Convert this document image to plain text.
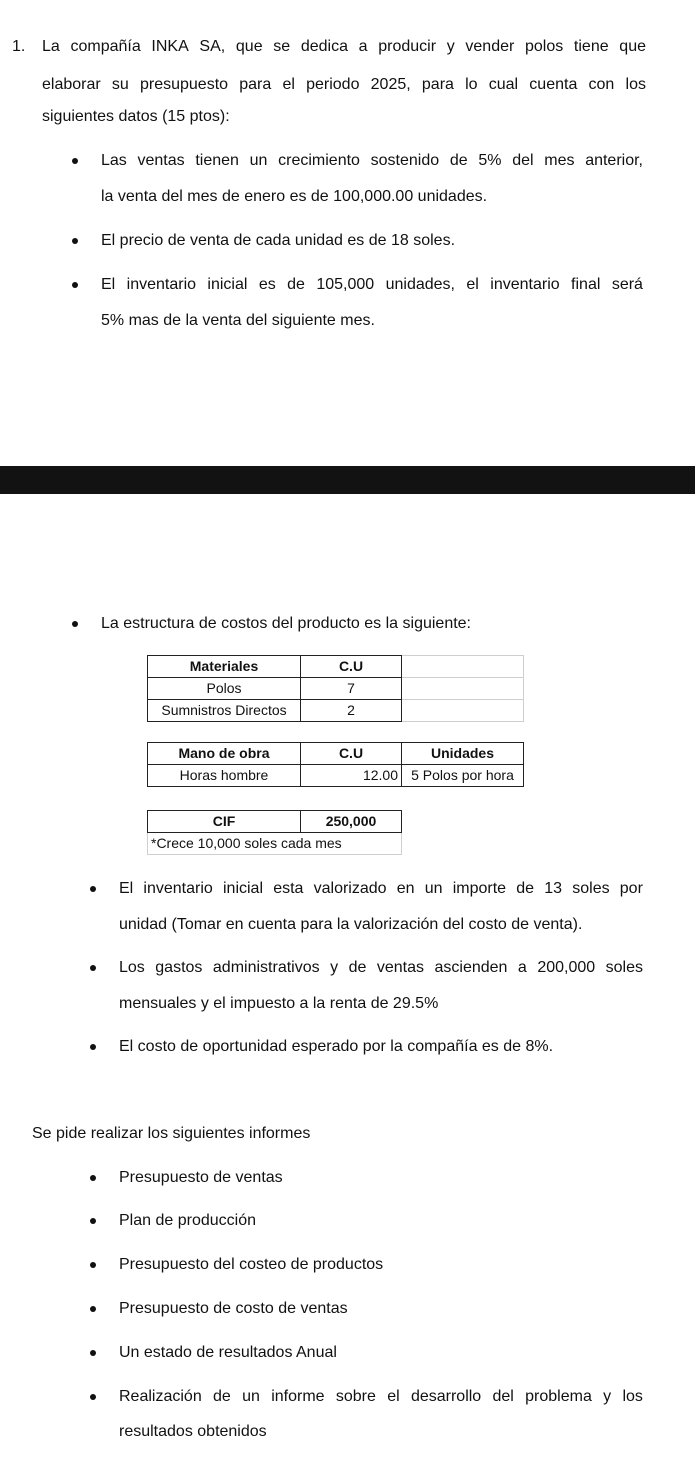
1. La compañía INKA SA, que se dedica a producir y vender polos tiene que
elaborar su presupuesto para el periodo 2025, para lo cual cuenta con los
siguientes datos (15 ptos):
Las ventas tienen un crecimiento sostenido de 5% del mes anterior,
la venta del mes de enero es de 100,000.00 unidades.
El precio de venta de cada unidad es de 18 soles.
El inventario inicial es de 105,000 unidades, el inventario final será
5% mas de la venta del siguiente mes.
La estructura de costos del producto es la siguiente:
Materiales	C.U	
Polos	7	
Sumnistros Directos	2	
Mano de obra	C.U	Unidades
Horas hombre	12.00	5 Polos por hora
CIF	250,000
*Crece 10,000 soles cada mes
El inventario inicial esta valorizado en un importe de 13 soles por
unidad (Tomar en cuenta para la valorización del costo de venta).
Los gastos administrativos y de ventas ascienden a 200,000 soles
mensuales y el impuesto a la renta de 29.5%
El costo de oportunidad esperado por la compañía es de 8%.
Se pide realizar los siguientes informes
Presupuesto de ventas
Plan de producción
Presupuesto del costeo de productos
Presupuesto de costo de ventas
Un estado de resultados Anual
Realización de un informe sobre el desarrollo del problema y los
resultados obtenidos
